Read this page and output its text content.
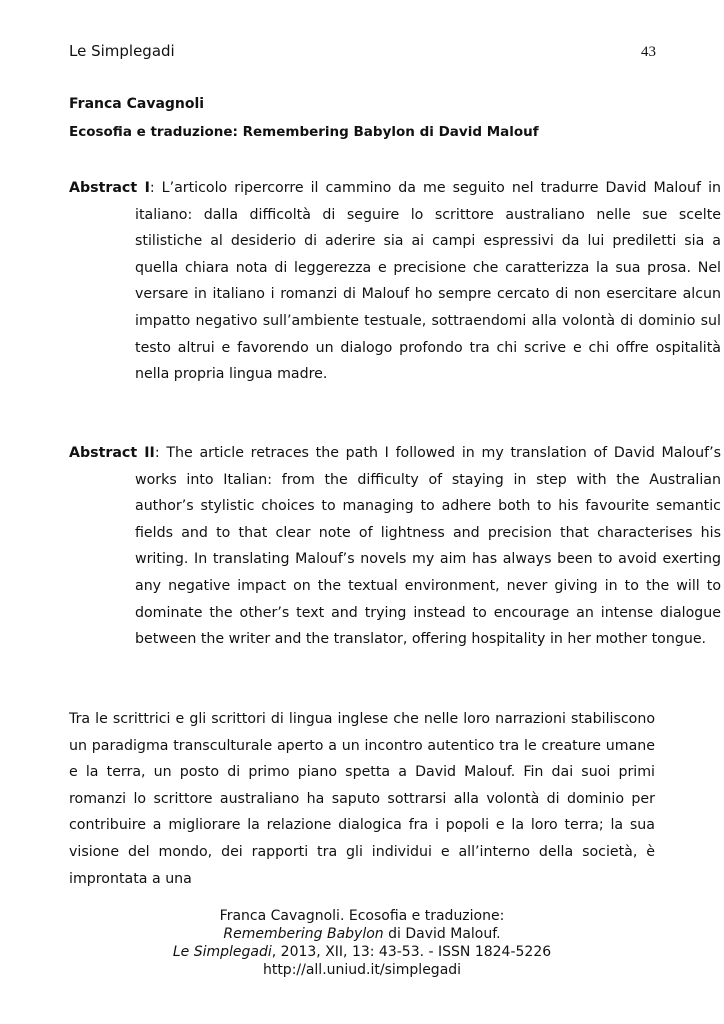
Le Simplegadi	43
Franca Cavagnoli
Ecosofia e traduzione: Remembering Babylon di David Malouf
Abstract I: L’articolo ripercorre il cammino da me seguito nel tradurre David Malouf in italiano: dalla difficoltà di seguire lo scrittore australiano nelle sue scelte stilistiche al desiderio di aderire sia ai campi espressivi da lui prediletti sia a quella chiara nota di leggerezza e precisione che caratterizza la sua prosa. Nel versare in italiano i romanzi di Malouf ho sempre cercato di non esercitare alcun impatto negativo sull’ambiente testuale, sottraendomi alla volontà di dominio sul testo altrui e favorendo un dialogo profondo tra chi scrive e chi offre ospitalità nella propria lingua madre.
Abstract II: The article retraces the path I followed in my translation of David Malouf’s works into Italian: from the difficulty of staying in step with the Australian author’s stylistic choices to managing to adhere both to his favourite semantic fields and to that clear note of lightness and precision that characterises his writing. In translating Malouf’s novels my aim has always been to avoid exerting any negative impact on the textual environment, never giving in to the will to dominate the other’s text and trying instead to encourage an intense dialogue between the writer and the translator, offering hospitality in her mother tongue.
Tra le scrittrici e gli scrittori di lingua inglese che nelle loro narrazioni stabiliscono un paradigma transculturale aperto a un incontro autentico tra le creature umane e la terra, un posto di primo piano spetta a David Malouf. Fin dai suoi primi romanzi lo scrittore australiano ha saputo sottrarsi alla volontà di dominio per contribuire a migliorare la relazione dialogica fra i popoli e la loro terra; la sua visione del mondo, dei rapporti tra gli individui e all’interno della società, è improntata a una
Franca Cavagnoli. Ecosofia e traduzione:
Remembering Babylon di David Malouf.
Le Simplegadi, 2013, XII, 13: 43-53. - ISSN 1824-5226
http://all.uniud.it/simplegadi
